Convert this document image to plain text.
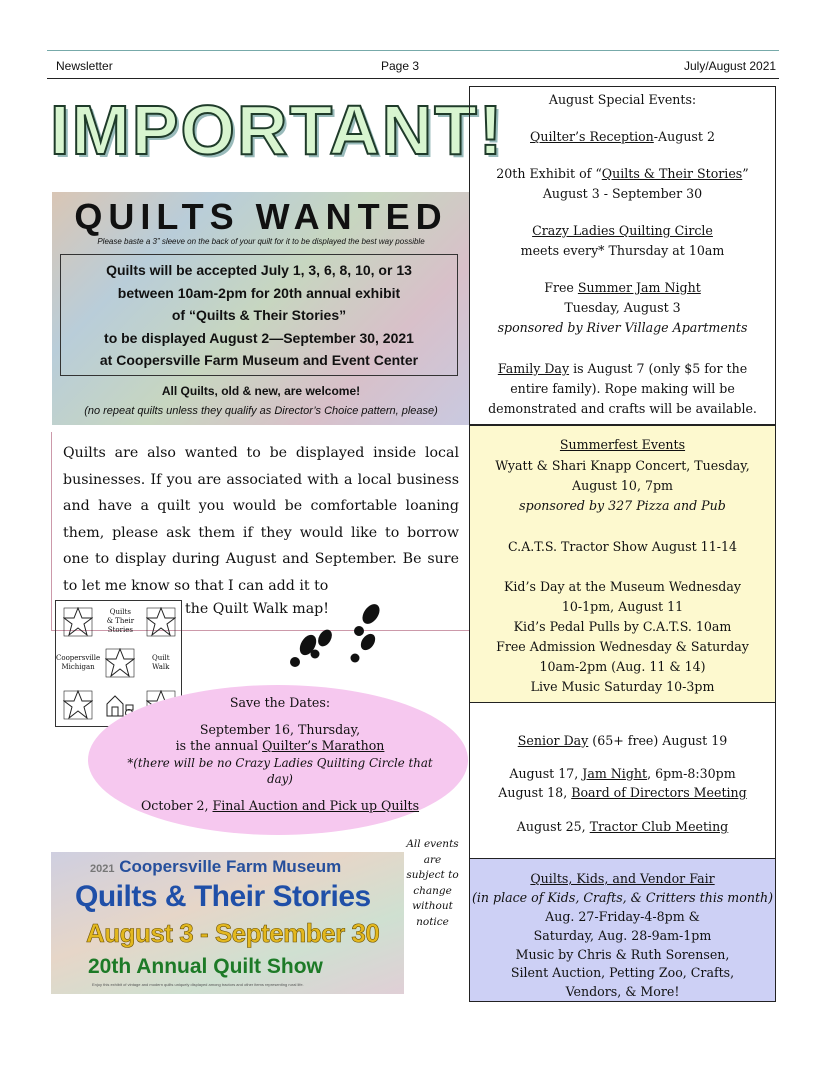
Newsletter	Page 3	July/August 2021
IMPORTANT!
QUILTS WANTED
Please baste a 3” sleeve on the back of your quilt for it to be displayed the best way possible
Quilts will be accepted July 1, 3, 6, 8, 10, or 13
between 10am-2pm for 20th annual exhibit
of “Quilts & Their Stories”
to be displayed August 2—September 30, 2021
at Coopersville Farm Museum and Event Center
All Quilts, old & new, are welcome!
(no repeat quilts unless they qualify as Director’s Choice pattern, please)
Quilts are also wanted to be displayed inside local businesses. If you are associated with a local business and have a quilt you would be comfortable loaning them, please ask them if they would like to borrow one to display during August and September. Be sure to let me know so that I can add it to
the Quilt Walk map!
Quilts & Their Stories
Coopersville Michigan
Quilt Walk
Save the Dates:
September 16, Thursday,
is the annual Quilter’s Marathon
*(there will be no Crazy Ladies Quilting Circle that day)
October 2, Final Auction and Pick up Quilts
2021 Coopersville Farm Museum
Quilts & Their Stories
August 3 - September 30
20th Annual Quilt Show
Enjoy this exhibit of vintage and modern quilts uniquely displayed among tractors and other items representing rural life.
All events are subject to change without notice
August Special Events:
Quilter’s Reception-August 2
20th Exhibit of “Quilts & Their Stories”
August 3 - September 30
Crazy Ladies Quilting Circle
meets every* Thursday at 10am
Free Summer Jam Night
Tuesday, August 3
sponsored by River Village Apartments
Family Day is August 7 (only $5 for the
entire family). Rope making will be
demonstrated and crafts will be available.
Summerfest Events
Wyatt & Shari Knapp Concert, Tuesday,
August 10, 7pm
sponsored by 327 Pizza and Pub
C.A.T.S. Tractor Show August 11-14
Kid’s Day at the Museum Wednesday
10-1pm, August 11
Kid’s Pedal Pulls by C.A.T.S. 10am
Free Admission Wednesday & Saturday
10am-2pm (Aug. 11 & 14)
Live Music Saturday 10-3pm
Senior Day (65+ free) August 19
August 17, Jam Night, 6pm-8:30pm
August 18, Board of Directors Meeting
August 25, Tractor Club Meeting
Quilts, Kids, and Vendor Fair
(in place of Kids, Crafts, & Critters this month)
Aug. 27-Friday-4-8pm &
Saturday, Aug. 28-9am-1pm
Music by Chris & Ruth Sorensen,
Silent Auction, Petting Zoo, Crafts,
Vendors, & More!
